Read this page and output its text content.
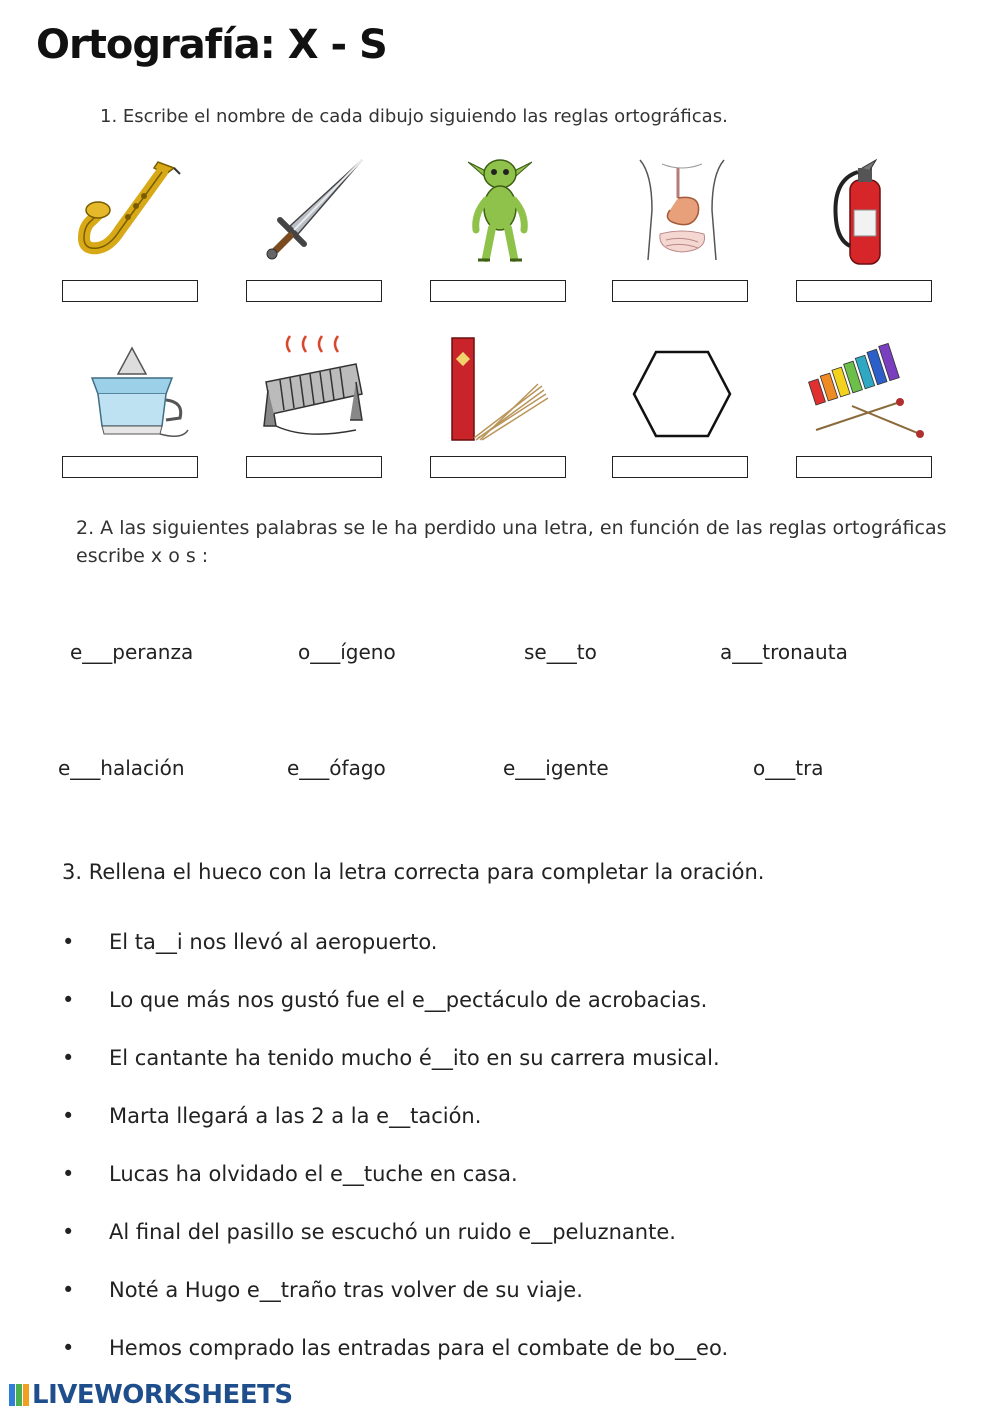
Ortografía: X - S
1. Escribe el nombre de cada dibujo siguiendo las reglas ortográficas.
2. A las siguientes palabras se le ha perdido una letra, en función de las reglas ortográficas escribe x o s :
e___peranza	o___ígeno	se___to	a___tronauta
e___halación	e___ófago	e___igente	o___tra
3. Rellena el hueco con la letra correcta para completar la oración.
• El ta__i nos llevó al aeropuerto.
• Lo que más nos gustó fue el e__pectáculo de acrobacias.
• El cantante ha tenido mucho é__ito en su carrera musical.
• Marta llegará a las 2 a la e__tación.
• Lucas ha olvidado el e__tuche en casa.
• Al final del pasillo se escuchó un ruido e__peluznante.
• Noté a Hugo e__traño tras volver de su viaje.
• Hemos comprado las entradas para el combate de bo__eo.
LIVEWORKSHEETS
